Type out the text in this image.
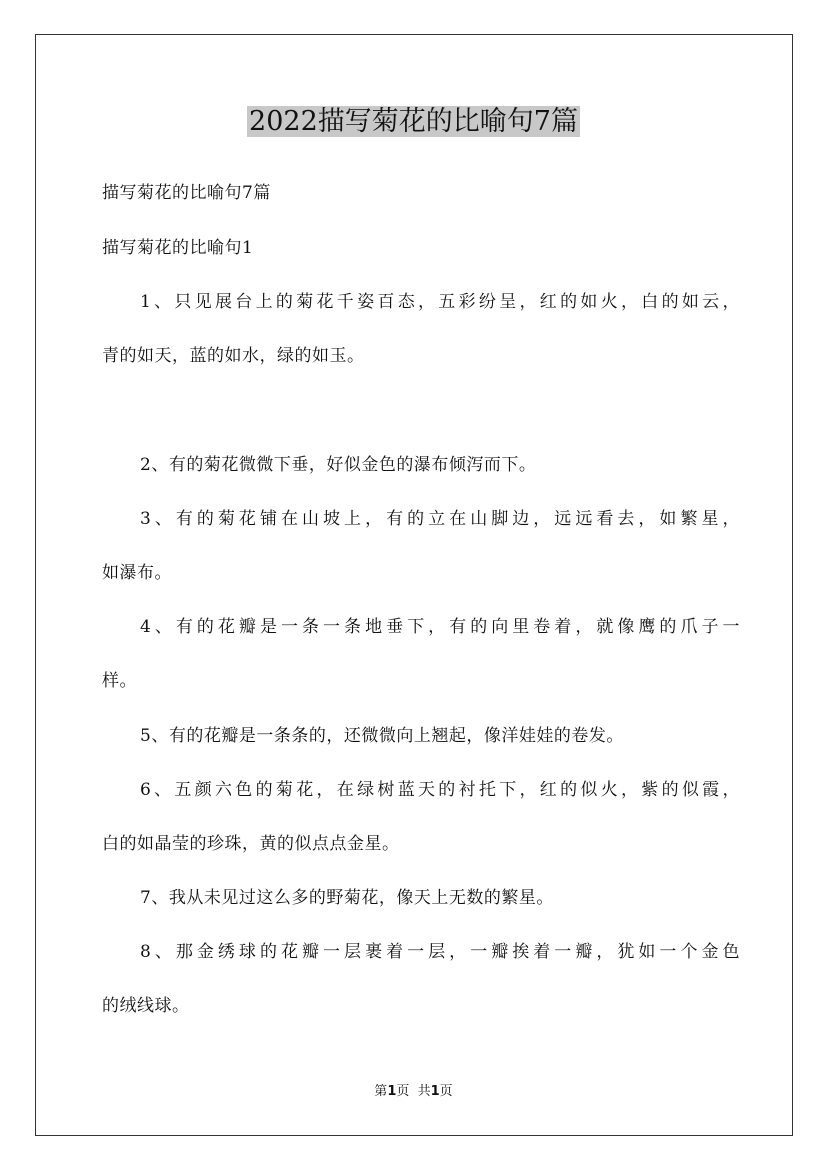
2022描写菊花的比喻句7篇

描写菊花的比喻句7篇

描写菊花的比喻句1

1、只见展台上的菊花千姿百态，五彩纷呈，红的如火，白的如云，

青的如天，蓝的如水，绿的如玉。

2、有的菊花微微下垂，好似金色的瀑布倾泻而下。

3、有的菊花铺在山坡上，有的立在山脚边，远远看去，如繁星，

如瀑布。

4、有的花瓣是一条一条地垂下，有的向里卷着，就像鹰的爪子一

样。

5、有的花瓣是一条条的，还微微向上翘起，像洋娃娃的卷发。

6、五颜六色的菊花，在绿树蓝天的衬托下，红的似火，紫的似霞，

白的如晶莹的珍珠，黄的似点点金星。

7、我从未见过这么多的野菊花，像天上无数的繁星。

8、那金绣球的花瓣一层裹着一层，一瓣挨着一瓣，犹如一个金色

的绒线球。

第1页  共1页
